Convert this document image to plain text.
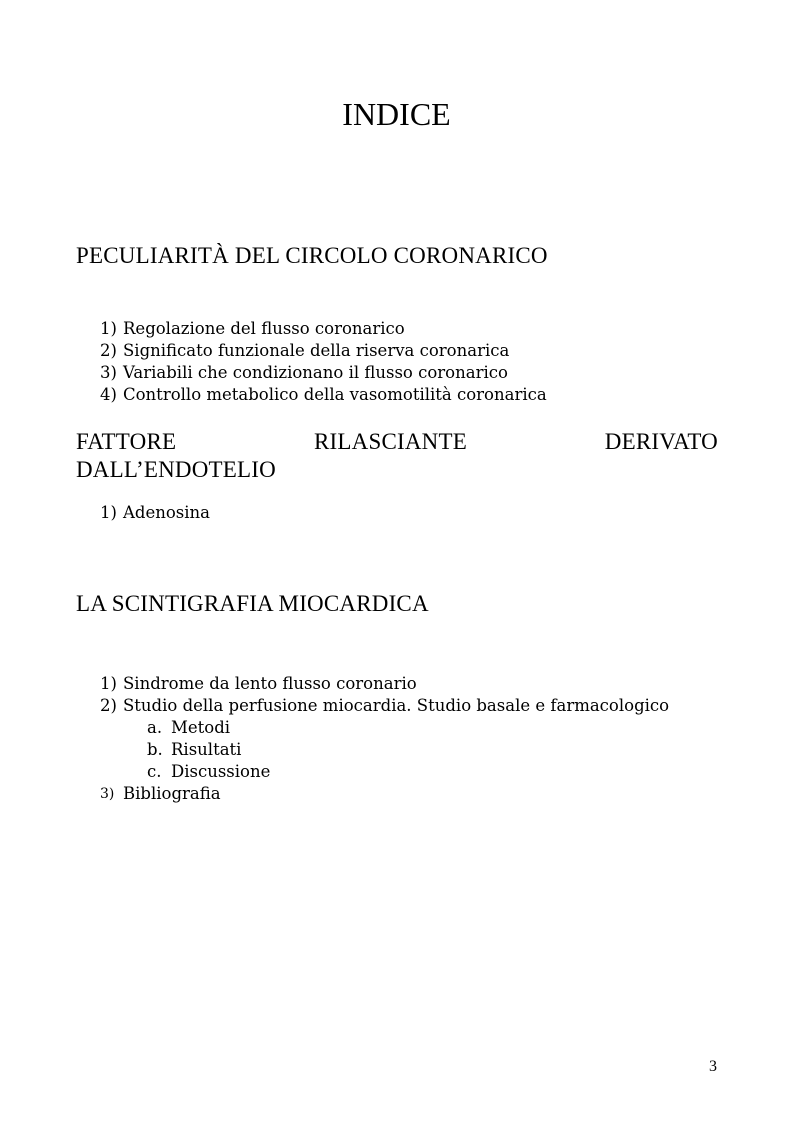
INDICE
PECULIARITÀ DEL CIRCOLO CORONARICO
1) Regolazione del flusso coronarico
2) Significato funzionale della riserva coronarica
3) Variabili che condizionano il flusso coronarico
4) Controllo metabolico della vasomotilità coronarica
FATTORE	RILASCIANTE	DERIVATO
DALL’ENDOTELIO
1) Adenosina
LA SCINTIGRAFIA MIOCARDICA
1) Sindrome da lento flusso coronario
2) Studio della perfusione miocardia. Studio basale e farmacologico
a. Metodi
b. Risultati
c. Discussione
3) Bibliografia
3
